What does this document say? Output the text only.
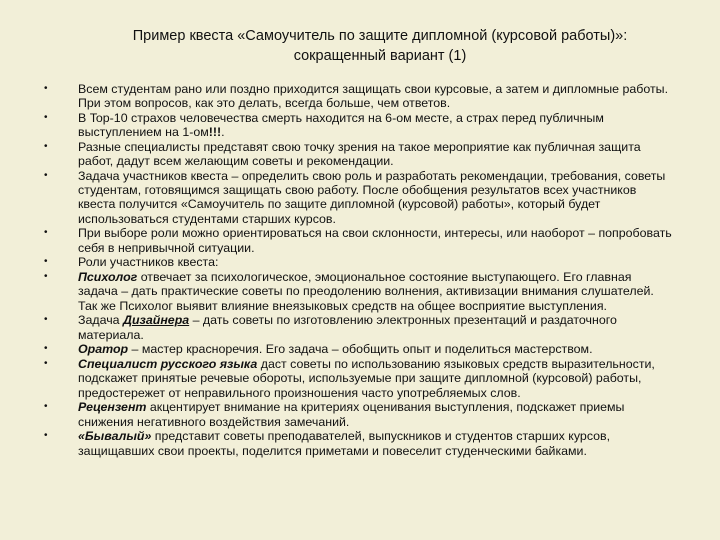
Пример квеста «Самоучитель по защите дипломной (курсовой работы)»:
сокращенный вариант (1)
• Всем студентам рано или поздно приходится защищать свои курсовые, а затем и дипломные работы. При этом вопросов, как это делать, всегда больше, чем ответов.
• В Top-10 страхов человечества смерть находится на 6-ом месте, а страх перед публичным выступлением на 1-ом!!!.
• Разные специалисты представят свою точку зрения на такое мероприятие как публичная защита работ, дадут всем желающим советы и рекомендации.
• Задача участников квеста – определить свою роль и разработать рекомендации, требования, советы студентам, готовящимся защищать свою работу. После обобщения результатов всех участников квеста получится «Самоучитель по защите дипломной (курсовой) работы», который будет использоваться студентами старших курсов.
• При выборе роли можно ориентироваться на свои склонности, интересы, или наоборот – попробовать себя в непривычной ситуации.
• Роли участников квеста:
• Психолог отвечает за психологическое, эмоциональное состояние выступающего. Его главная задача – дать практические советы по преодолению волнения, активизации внимания слушателей. Так же Психолог выявит влияние внеязыковых средств на общее восприятие выступления.
• Задача Дизайнера – дать советы по изготовлению электронных презентаций и раздаточного материала.
• Оратор – мастер красноречия. Его задача – обобщить опыт и поделиться мастерством.
• Специалист русского языка даст советы по использованию языковых средств выразительности, подскажет принятые речевые обороты, используемые при защите дипломной (курсовой) работы, предостережет от неправильного произношения часто употребляемых слов.
• Рецензент акцентирует внимание на критериях оценивания выступления, подскажет приемы снижения негативного воздействия замечаний.
• «Бывалый» представит советы преподавателей, выпускников и студентов старших курсов, защищавших свои проекты, поделится приметами и повеселит студенческими байками.
